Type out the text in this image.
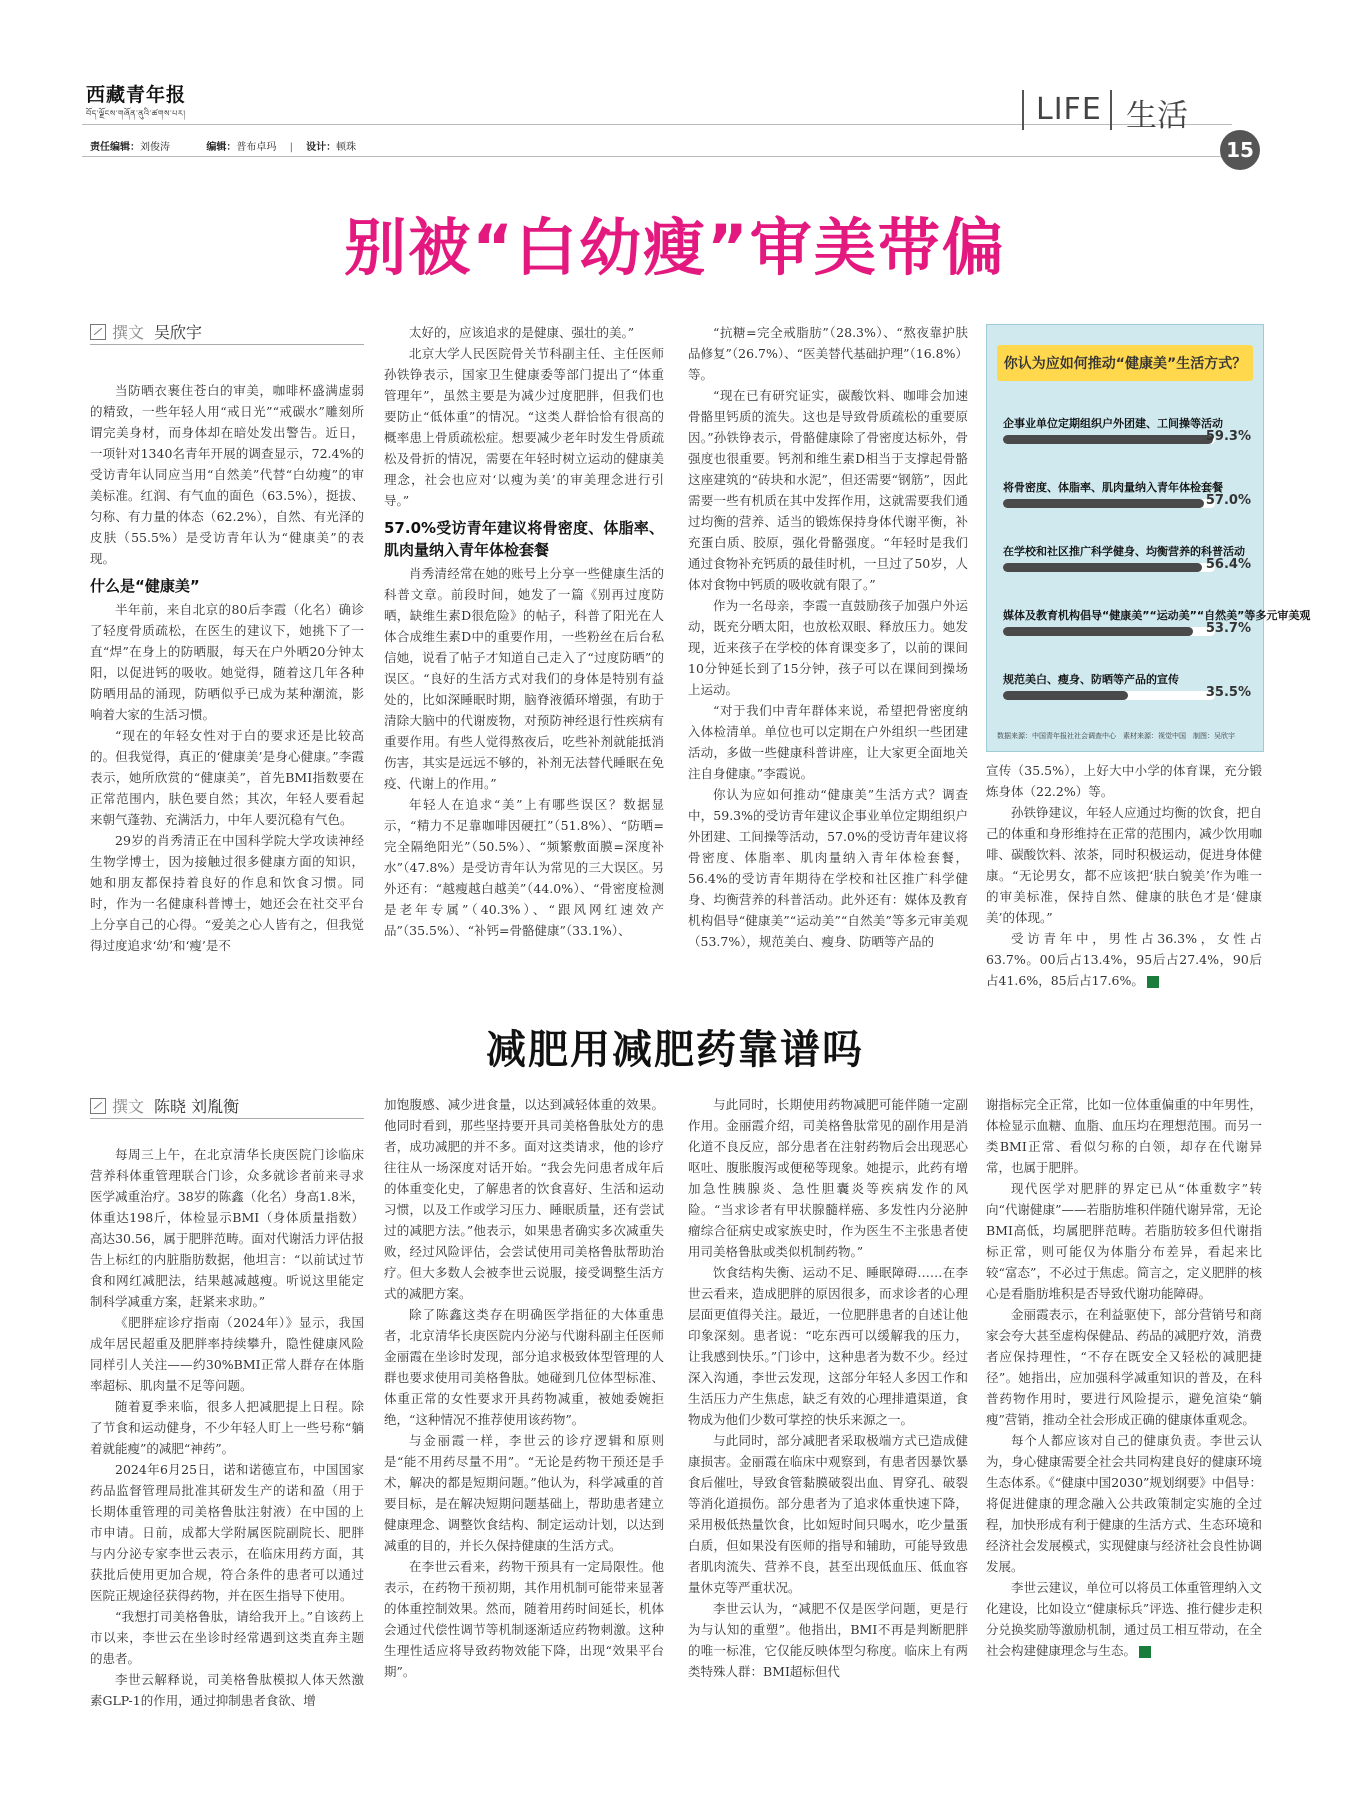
西藏青年报
བོད་ལྗོངས་གཞོན་ནུའི་ཚགས་པར།
责任编辑：刘俊涛 　	编辑：普布卓玛 | 设计：顿珠
LIFE 生活
15
别被“白幼瘦”审美带偏
撰文 吴欣宇

当防晒衣裹住苍白的审美，咖啡杯盛满虚弱的精致，一些年轻人用“戒日光”“戒碳水”雕刻所谓完美身材，而身体却在暗处发出警告。近日，一项针对1340名青年开展的调查显示，72.4%的受访青年认同应当用“自然美”代替“白幼瘦”的审美标准。红润、有气血的面色（63.5%），挺拔、匀称、有力量的体态（62.2%），自然、有光泽的皮肤（55.5%）是受访青年认为“健康美”的表现。

什么是“健康美”

半年前，来自北京的80后李霞（化名）确诊了轻度骨质疏松，在医生的建议下，她挑下了一直“焊”在身上的防晒服，每天在户外晒20分钟太阳，以促进钙的吸收。她觉得，随着这几年各种防晒用品的涌现，防晒似乎已成为某种潮流，影响着大家的生活习惯。

“现在的年轻女性对于白的要求还是比较高的。但我觉得，真正的‘健康美’是身心健康。”李霞表示，她所欣赏的“健康美”，首先BMI指数要在正常范围内，肤色要自然；其次，年轻人要看起来朝气蓬勃、充满活力，中年人要沉稳有气色。

29岁的肖秀清正在中国科学院大学攻读神经生物学博士，因为接触过很多健康方面的知识，她和朋友都保持着良好的作息和饮食习惯。同时，作为一名健康科普博士，她还会在社交平台上分享自己的心得。“爱美之心人皆有之，但我觉得过度追求‘幼’和‘瘦’是不

太好的，应该追求的是健康、强壮的美。”

北京大学人民医院骨关节科副主任、主任医师孙铁铮表示，国家卫生健康委等部门提出了“体重管理年”，虽然主要是为减少过度肥胖，但我们也要防止“低体重”的情况。“这类人群恰恰有很高的概率患上骨质疏松症。想要减少老年时发生骨质疏松及骨折的情况，需要在年轻时树立运动的健康美理念，社会也应对‘以瘦为美’的审美理念进行引导。”

57.0%受访青年建议将骨密度、体脂率、肌肉量纳入青年体检套餐

肖秀清经常在她的账号上分享一些健康生活的科普文章。前段时间，她发了一篇《别再过度防晒，缺维生素D很危险》的帖子，科普了阳光在人体合成维生素D中的重要作用，一些粉丝在后台私信她，说看了帖子才知道自己走入了“过度防晒”的误区。“良好的生活方式对我们的身体是特别有益处的，比如深睡眠时期，脑脊液循环增强，有助于清除大脑中的代谢废物，对预防神经退行性疾病有重要作用。有些人觉得熬夜后，吃些补剂就能抵消伤害，其实是远远不够的，补剂无法替代睡眠在免疫、代谢上的作用。”

年轻人在追求“美”上有哪些误区？数据显示，“精力不足靠咖啡因硬扛”（51.8%）、“防晒=完全隔绝阳光”（50.5%）、“频繁敷面膜=深度补水”（47.8%）是受访青年认为常见的三大误区。另外还有：“越瘦越白越美”（44.0%）、“骨密度检测是老年专属”（40.3%）、“跟风网红速效产品”（35.5%）、“补钙=骨骼健康”（33.1%）、

“抗糖=完全戒脂肪”（28.3%）、“熬夜靠护肤品修复”（26.7%）、“医美替代基础护理”（16.8%）等。

“现在已有研究证实，碳酸饮料、咖啡会加速骨骼里钙质的流失。这也是导致骨质疏松的重要原因。”孙铁铮表示，骨骼健康除了骨密度达标外，骨强度也很重要。钙剂和维生素D相当于支撑起骨骼这座建筑的“砖块和水泥”，但还需要“钢筋”，因此需要一些有机质在其中发挥作用，这就需要我们通过均衡的营养、适当的锻炼保持身体代谢平衡，补充蛋白质、胶原，强化骨骼强度。“年轻时是我们通过食物补充钙质的最佳时机，一旦过了50岁，人体对食物中钙质的吸收就有限了。”

作为一名母亲，李霞一直鼓励孩子加强户外运动，既充分晒太阳，也放松双眼、释放压力。她发现，近来孩子在学校的体育课变多了，以前的课间10分钟延长到了15分钟，孩子可以在课间到操场上运动。

“对于我们中青年群体来说，希望把骨密度纳入体检清单。单位也可以定期在户外组织一些团建活动，多做一些健康科普讲座，让大家更全面地关注自身健康。”李霞说。

你认为应如何推动“健康美”生活方式？调查中，59.3%的受访青年建议企事业单位定期组织户外团建、工间操等活动，57.0%的受访青年建议将骨密度、体脂率、肌肉量纳入青年体检套餐，56.4%的受访青年期待在学校和社区推广科学健身、均衡营养的科普活动。此外还有：媒体及教育机构倡导“健康美”“运动美”“自然美”等多元审美观（53.7%），规范美白、瘦身、防晒等产品的

你认为应如何推动“健康美”生活方式？
企事业单位定期组织户外团建、工间操等活动
59.3%
将骨密度、体脂率、肌肉量纳入青年体检套餐
57.0%
在学校和社区推广科学健身、均衡营养的科普活动
56.4%
媒体及教育机构倡导“健康美”“运动美”“自然美”等多元审美观
53.7%
规范美白、瘦身、防晒等产品的宣传
35.5%
数据来源：中国青年报社社会调查中心　素材来源：视觉中国　制图：吴欣宇

宣传（35.5%），上好大中小学的体育课，充分锻炼身体（22.2%）等。

孙铁铮建议，年轻人应通过均衡的饮食，把自己的体重和身形维持在正常的范围内，减少饮用咖啡、碳酸饮料、浓茶，同时积极运动，促进身体健康。“无论男女，都不应该把‘肤白貌美’作为唯一的审美标准，保持自然、健康的肤色才是‘健康美’的体现。”

受访青年中，男性占36.3%，女性占63.7%。00后占13.4%，95后占27.4%，90后占41.6%，85后占17.6%。

减肥用减肥药靠谱吗
撰文 陈晓 刘胤衡

每周三上午，在北京清华长庚医院门诊临床营养科体重管理联合门诊，众多就诊者前来寻求医学减重治疗。38岁的陈鑫（化名）身高1.8米，体重达198斤，体检显示BMI（身体质量指数）高达30.56，属于肥胖范畴。面对代谢活力评估报告上标红的内脏脂肪数据，他坦言：“以前试过节食和网红减肥法，结果越减越瘦。听说这里能定制科学减重方案，赶紧来求助。”

《肥胖症诊疗指南（2024年）》显示，我国成年居民超重及肥胖率持续攀升，隐性健康风险同样引人关注——约30%BMI正常人群存在体脂率超标、肌肉量不足等问题。

随着夏季来临，很多人把减肥提上日程。除了节食和运动健身，不少年轻人盯上一些号称“躺着就能瘦”的减肥“神药”。

2024年6月25日，诺和诺德宣布，中国国家药品监督管理局批准其研发生产的诺和盈（用于长期体重管理的司美格鲁肽注射液）在中国的上市申请。日前，成都大学附属医院副院长、肥胖与内分泌专家李世云表示，在临床用药方面，其获批后使用更加合规，符合条件的患者可以通过医院正规途径获得药物，并在医生指导下使用。

“我想打司美格鲁肽，请给我开上。”自该药上市以来，李世云在坐诊时经常遇到这类直奔主题的患者。

李世云解释说，司美格鲁肽模拟人体天然激素GLP-1的作用，通过抑制患者食欲、增

加饱腹感、减少进食量，以达到减轻体重的效果。他同时看到，那些坚持要开具司美格鲁肽处方的患者，成功减肥的并不多。面对这类请求，他的诊疗往往从一场深度对话开始。“我会先问患者成年后的体重变化史，了解患者的饮食喜好、生活和运动习惯，以及工作或学习压力、睡眠质量，还有尝试过的减肥方法。”他表示，如果患者确实多次减重失败，经过风险评估，会尝试使用司美格鲁肽帮助治疗。但大多数人会被李世云说服，接受调整生活方式的减肥方案。

除了陈鑫这类存在明确医学指征的大体重患者，北京清华长庚医院内分泌与代谢科副主任医师金丽霞在坐诊时发现，部分追求极致体型管理的人群也要求使用司美格鲁肽。她碰到几位体型标准、体重正常的女性要求开具药物减重，被她委婉拒绝，“这种情况不推荐使用该药物”。

与金丽霞一样，李世云的诊疗逻辑和原则是“能不用药尽量不用”。“无论是药物干预还是手术，解决的都是短期问题。”他认为，科学减重的首要目标，是在解决短期问题基础上，帮助患者建立健康理念、调整饮食结构、制定运动计划，以达到减重的目的，并长久保持健康的生活方式。

在李世云看来，药物干预具有一定局限性。他表示，在药物干预初期，其作用机制可能带来显著的体重控制效果。然而，随着用药时间延长，机体会通过代偿性调节等机制逐渐适应药物刺激。这种生理性适应将导致药物效能下降，出现“效果平台期”。

与此同时，长期使用药物减肥可能伴随一定副作用。金丽霞介绍，司美格鲁肽常见的副作用是消化道不良反应，部分患者在注射药物后会出现恶心呕吐、腹胀腹泻或便秘等现象。她提示，此药有增加急性胰腺炎、急性胆囊炎等疾病发作的风险。“当求诊者有甲状腺髓样癌、多发性内分泌肿瘤综合征病史或家族史时，作为医生不主张患者使用司美格鲁肽或类似机制药物。”

饮食结构失衡、运动不足、睡眠障碍……在李世云看来，造成肥胖的原因很多，而求诊者的心理层面更值得关注。最近，一位肥胖患者的自述让他印象深刻。患者说：“吃东西可以缓解我的压力，让我感到快乐。”门诊中，这种患者为数不少。经过深入沟通，李世云发现，这部分年轻人多因工作和生活压力产生焦虑，缺乏有效的心理排遣渠道，食物成为他们少数可掌控的快乐来源之一。

与此同时，部分减肥者采取极端方式已造成健康损害。金丽霞在临床中观察到，有患者因暴饮暴食后催吐，导致食管黏膜破裂出血、胃穿孔、破裂等消化道损伤。部分患者为了追求体重快速下降，采用极低热量饮食，比如短时间只喝水，吃少量蛋白质，但如果没有医师的指导和辅助，可能导致患者肌肉流失、营养不良，甚至出现低血压、低血容量休克等严重状况。

李世云认为，“减肥不仅是医学问题，更是行为与认知的重塑”。他指出，BMI不再是判断肥胖的唯一标准，它仅能反映体型匀称度。临床上有两类特殊人群：BMI超标但代

谢指标完全正常，比如一位体重偏重的中年男性，体检显示血糖、血脂、血压均在理想范围。而另一类BMI正常、看似匀称的白领，却存在代谢异常，也属于肥胖。

现代医学对肥胖的界定已从“体重数字”转向“代谢健康”——若脂肪堆积伴随代谢异常，无论BMI高低，均属肥胖范畴。若脂肪较多但代谢指标正常，则可能仅为体脂分布差异，看起来比较“富态”，不必过于焦虑。简言之，定义肥胖的核心是看脂肪堆积是否导致代谢功能障碍。

金丽霞表示，在利益驱使下，部分营销号和商家会夸大甚至虚构保健品、药品的减肥疗效，消费者应保持理性，“不存在既安全又轻松的减肥捷径”。她指出，应加强科学减重知识的普及，在科普药物作用时，要进行风险提示，避免渲染“躺瘦”营销，推动全社会形成正确的健康体重观念。

每个人都应该对自己的健康负责。李世云认为，身心健康需要全社会共同构建良好的健康环境生态体系。《“健康中国2030”规划纲要》中倡导：将促进健康的理念融入公共政策制定实施的全过程，加快形成有利于健康的生活方式、生态环境和经济社会发展模式，实现健康与经济社会良性协调发展。

李世云建议，单位可以将员工体重管理纳入文化建设，比如设立“健康标兵”评选、推行健步走积分兑换奖励等激励机制，通过员工相互带动，在全社会构建健康理念与生态。
